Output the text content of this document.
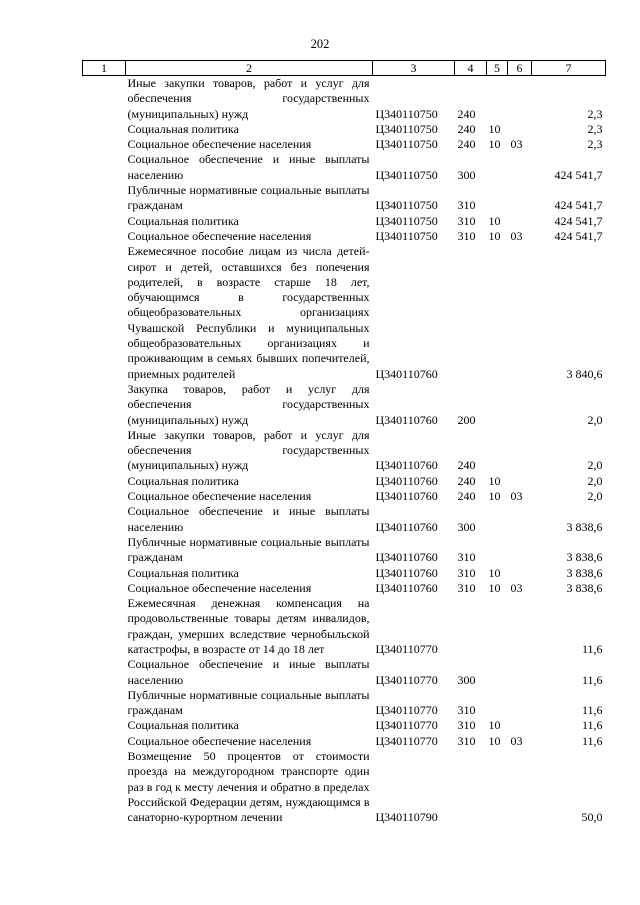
202
1	2	3	4	5	6	7
	Иные закупки товаров, работ и услуг для обеспечения государственных (муниципальных) нужд	Ц340110750	240			2,3
	Социальная политика	Ц340110750	240	10		2,3
	Социальное обеспечение населения	Ц340110750	240	10	03	2,3
	Социальное обеспечение и иные выплаты населению	Ц340110750	300			424 541,7
	Публичные нормативные социальные выплаты гражданам	Ц340110750	310			424 541,7
	Социальная политика	Ц340110750	310	10		424 541,7
	Социальное обеспечение населения	Ц340110750	310	10	03	424 541,7
	Ежемесячное пособие лицам из числа детей-сирот и детей, оставшихся без попечения родителей, в возрасте старше 18 лет, обучающимся в государственных общеобразовательных организациях Чувашской Республики и муниципальных общеобразовательных организациях и проживающим в семьях бывших попечителей, приемных родителей	Ц340110760				3 840,6
	Закупка товаров, работ и услуг для обеспечения государственных (муниципальных) нужд	Ц340110760	200			2,0
	Иные закупки товаров, работ и услуг для обеспечения государственных (муниципальных) нужд	Ц340110760	240			2,0
	Социальная политика	Ц340110760	240	10		2,0
	Социальное обеспечение населения	Ц340110760	240	10	03	2,0
	Социальное обеспечение и иные выплаты населению	Ц340110760	300			3 838,6
	Публичные нормативные социальные выплаты гражданам	Ц340110760	310			3 838,6
	Социальная политика	Ц340110760	310	10		3 838,6
	Социальное обеспечение населения	Ц340110760	310	10	03	3 838,6
	Ежемесячная денежная компенсация на продовольственные товары детям инвалидов, граждан, умерших вследствие чернобыльской катастрофы, в возрасте от 14 до 18 лет	Ц340110770				11,6
	Социальное обеспечение и иные выплаты населению	Ц340110770	300			11,6
	Публичные нормативные социальные выплаты гражданам	Ц340110770	310			11,6
	Социальная политика	Ц340110770	310	10		11,6
	Социальное обеспечение населения	Ц340110770	310	10	03	11,6
	Возмещение 50 процентов от стоимости проезда на междугородном транспорте один раз в год к месту лечения и обратно в пределах Российской Федерации детям, нуждающимся в санаторно-курортном лечении	Ц340110790				50,0
